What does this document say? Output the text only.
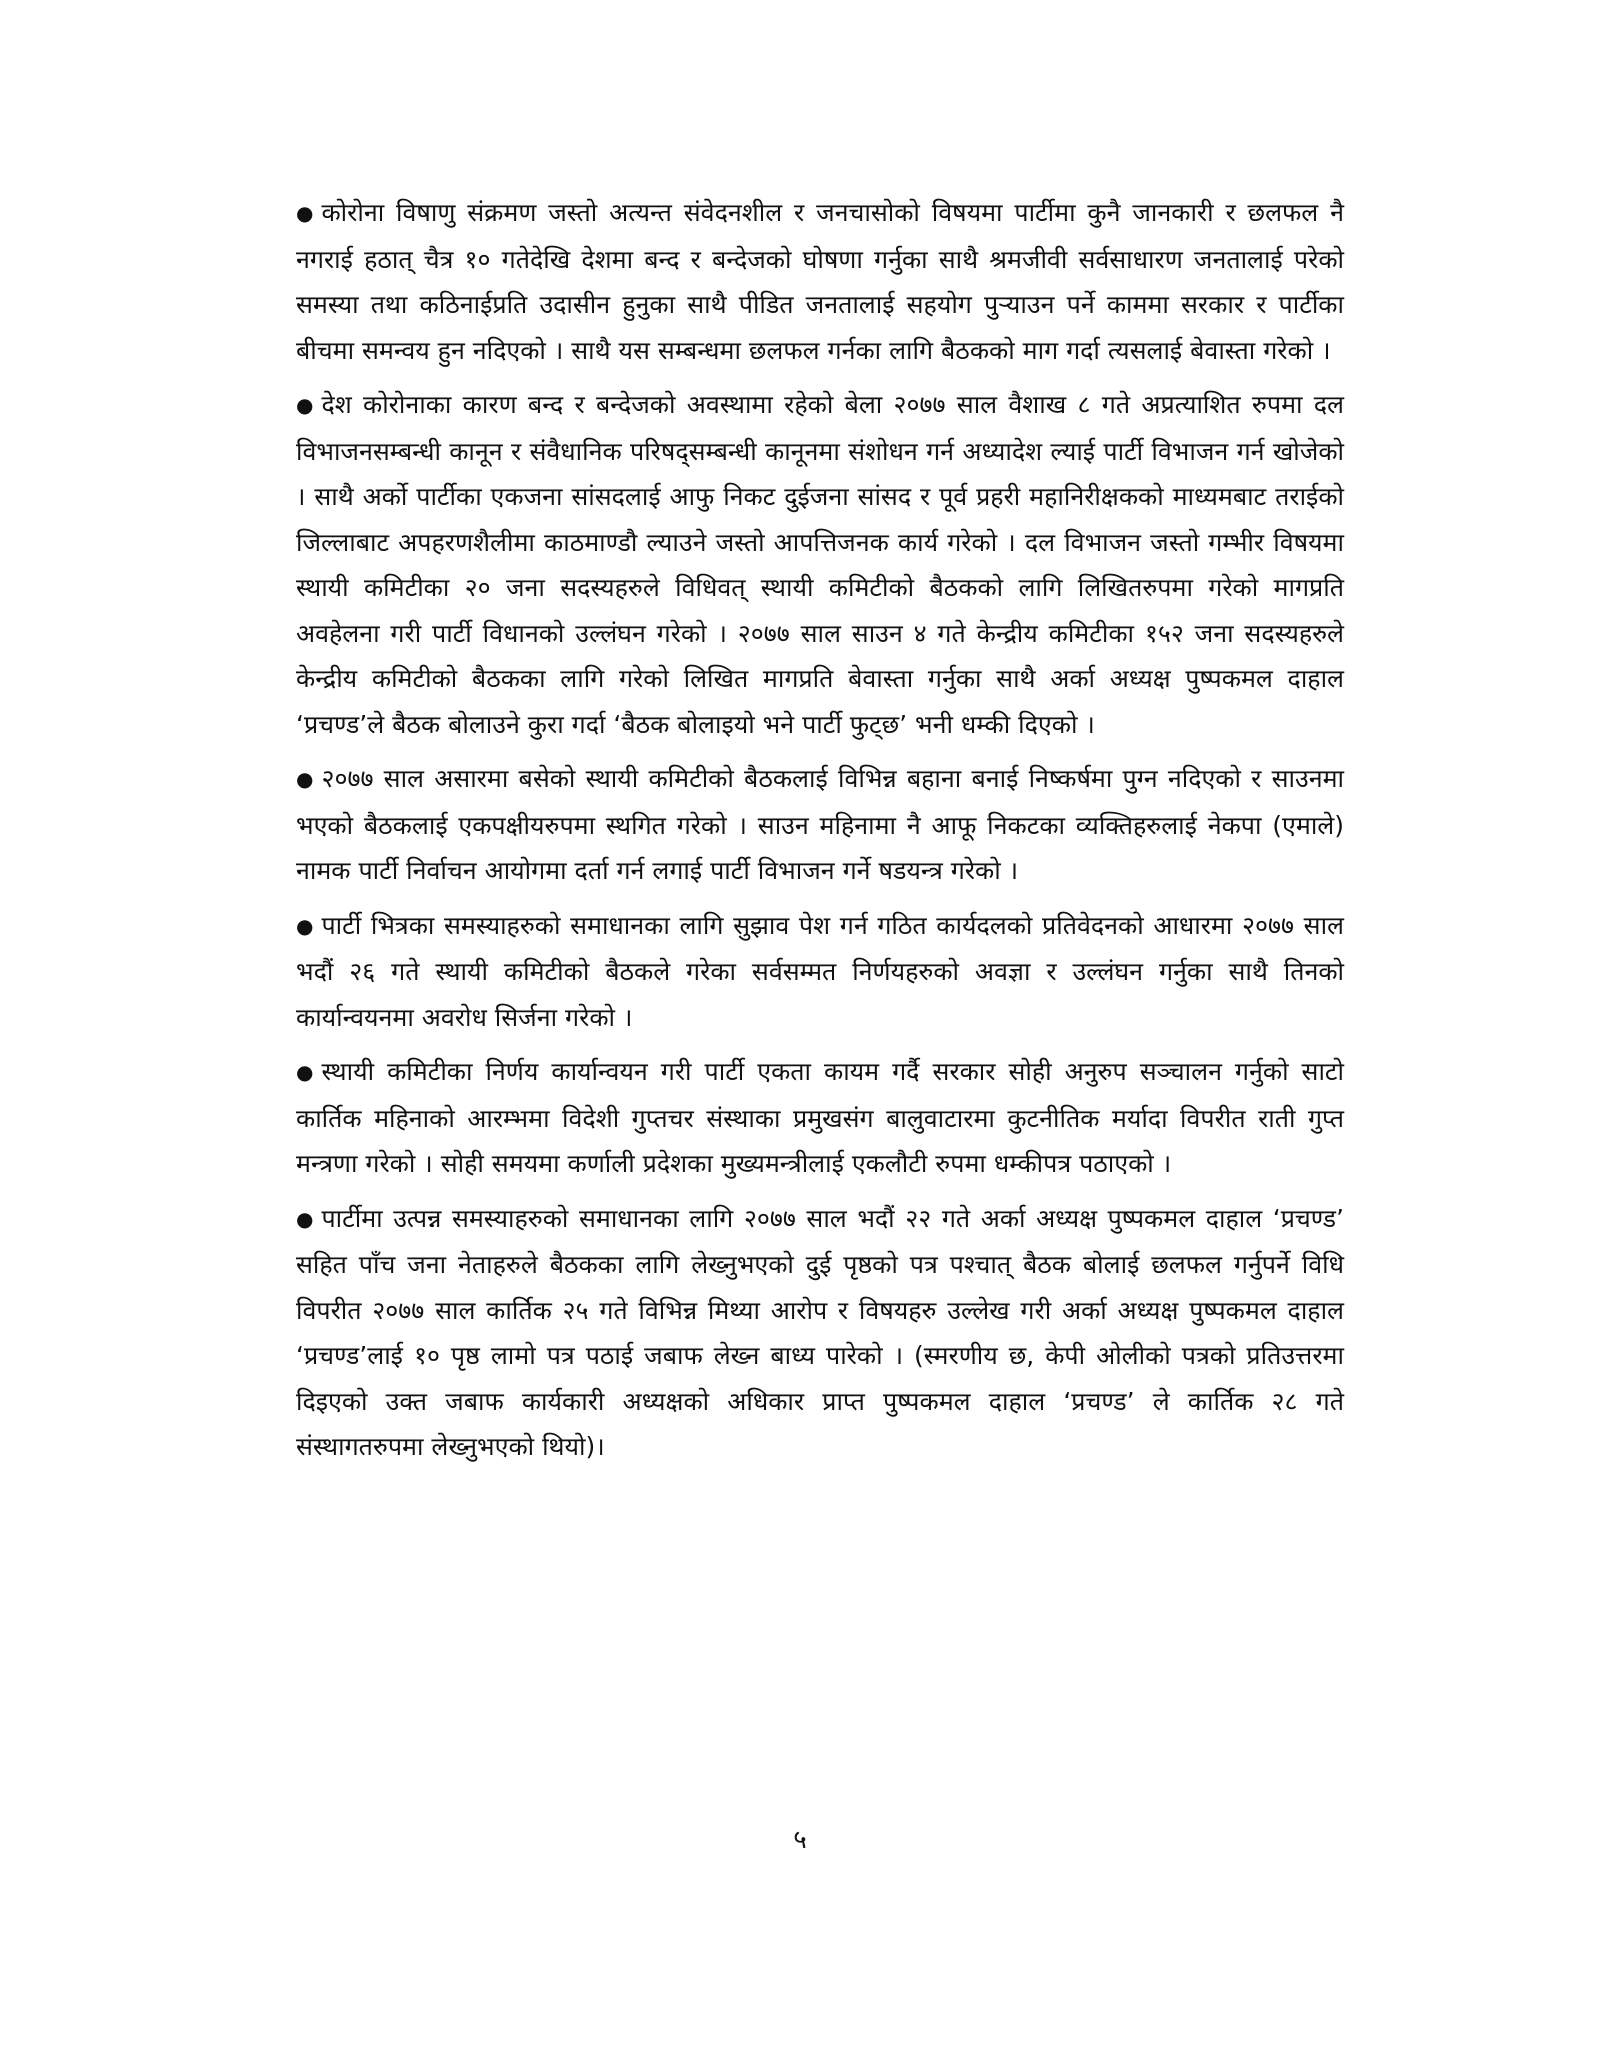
● कोरोना विषाणु संक्रमण जस्तो अत्यन्त संवेदनशील र जनचासोको विषयमा पार्टीमा कुनै जानकारी र छलफल नै नगराई हठात् चैत्र १० गतेदेखि देशमा बन्द र बन्देजको घोषणा गर्नुका साथै श्रमजीवी सर्वसाधारण जनतालाई परेको समस्या तथा कठिनाईप्रति उदासीन हुनुका साथै पीडित जनतालाई सहयोग पुऱ्याउन पर्ने काममा सरकार र पार्टीका बीचमा समन्वय हुन नदिएको । साथै यस सम्बन्धमा छलफल गर्नका लागि बैठकको माग गर्दा त्यसलाई बेवास्ता गरेको ।

● देश कोरोनाका कारण बन्द र बन्देजको अवस्थामा रहेको बेला २०७७ साल वैशाख ८ गते अप्रत्याशित रुपमा दल विभाजनसम्बन्धी कानून र संवैधानिक परिषद्सम्बन्धी कानूनमा संशोधन गर्न अध्यादेश ल्याई पार्टी विभाजन गर्न खोजेको । साथै अर्को पार्टीका एकजना सांसदलाई आफु निकट दुईजना सांसद र पूर्व प्रहरी महानिरीक्षकको माध्यमबाट तराईको जिल्लाबाट अपहरणशैलीमा काठमाण्डौ ल्याउने जस्तो आपत्तिजनक कार्य गरेको । दल विभाजन जस्तो गम्भीर विषयमा स्थायी कमिटीका २० जना सदस्यहरुले विधिवत् स्थायी कमिटीको बैठकको लागि लिखितरुपमा गरेको मागप्रति अवहेलना गरी पार्टी विधानको उल्लंघन गरेको । २०७७ साल साउन ४ गते केन्द्रीय कमिटीका १५२ जना सदस्यहरुले केन्द्रीय कमिटीको बैठकका लागि गरेको लिखित मागप्रति बेवास्ता गर्नुका साथै अर्का अध्यक्ष पुष्पकमल दाहाल ‘प्रचण्ड’ले बैठक बोलाउने कुरा गर्दा ‘बैठक बोलाइयो भने पार्टी फुट्छ’ भनी धम्की दिएको ।

● २०७७ साल असारमा बसेको स्थायी कमिटीको बैठकलाई विभिन्न बहाना बनाई निष्कर्षमा पुग्न नदिएको र साउनमा भएको बैठकलाई एकपक्षीयरुपमा स्थगित गरेको । साउन महिनामा नै आफू निकटका व्यक्तिहरुलाई नेकपा (एमाले) नामक पार्टी निर्वाचन आयोगमा दर्ता गर्न लगाई पार्टी विभाजन गर्ने षडयन्त्र गरेको ।

● पार्टी भित्रका समस्याहरुको समाधानका लागि सुझाव पेश गर्न गठित कार्यदलको प्रतिवेदनको आधारमा २०७७ साल भदौं २६ गते स्थायी कमिटीको बैठकले गरेका सर्वसम्मत निर्णयहरुको अवज्ञा र उल्लंघन गर्नुका साथै तिनको कार्यान्वयनमा अवरोध सिर्जना गरेको ।

● स्थायी कमिटीका निर्णय कार्यान्वयन गरी पार्टी एकता कायम गर्दै सरकार सोही अनुरुप सञ्चालन गर्नुको साटो कार्तिक महिनाको आरम्भमा विदेशी गुप्तचर संस्थाका प्रमुखसंग बालुवाटारमा कुटनीतिक मर्यादा विपरीत राती गुप्त मन्त्रणा गरेको । सोही समयमा कर्णाली प्रदेशका मुख्यमन्त्रीलाई एकलौटी रुपमा धम्कीपत्र पठाएको ।

● पार्टीमा उत्पन्न समस्याहरुको समाधानका लागि २०७७ साल भदौं २२ गते अर्का अध्यक्ष पुष्पकमल दाहाल ‘प्रचण्ड’ सहित पाँच जना नेताहरुले बैठकका लागि लेख्नुभएको दुई पृष्ठको पत्र पश्चात् बैठक बोलाई छलफल गर्नुपर्ने विधि विपरीत २०७७ साल कार्तिक २५ गते विभिन्न मिथ्या आरोप र विषयहरु उल्लेख गरी अर्का अध्यक्ष पुष्पकमल दाहाल ‘प्रचण्ड’लाई १० पृष्ठ लामो पत्र पठाई जबाफ लेख्न बाध्य पारेको । (स्मरणीय छ, केपी ओलीको पत्रको प्रतिउत्तरमा दिइएको उक्त जबाफ कार्यकारी अध्यक्षको अधिकार प्राप्त पुष्पकमल दाहाल ‘प्रचण्ड’ ले कार्तिक २८ गते संस्थागतरुपमा लेख्नुभएको थियो)।

५
